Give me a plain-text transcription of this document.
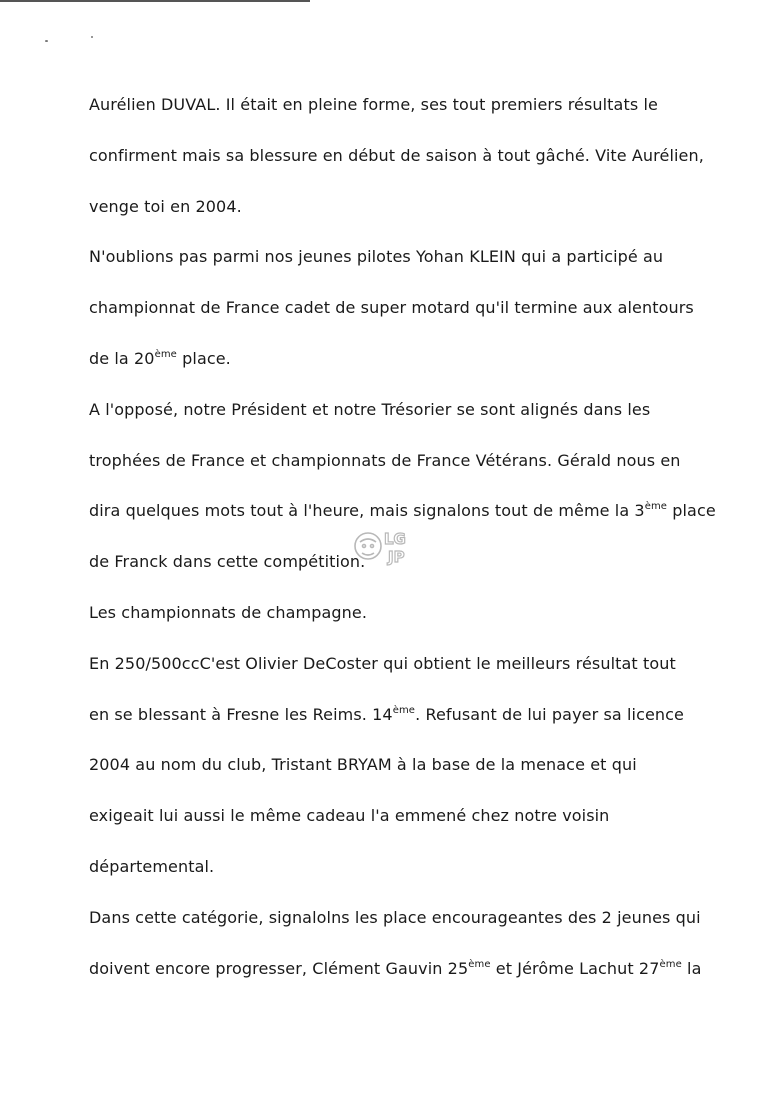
Aurélien DUVAL. Il était en pleine forme, ses tout premiers résultats le
confirment mais sa blessure en début de saison à tout gâché. Vite Aurélien,
venge toi en 2004.
N'oublions pas parmi nos jeunes pilotes Yohan KLEIN qui a participé au
championnat de France cadet de super motard qu'il termine aux alentours
de la 20ème place.
A l'opposé, notre Président et notre Trésorier se sont alignés dans les
trophées de France et championnats de France Vétérans. Gérald nous en
dira quelques mots tout à l'heure, mais signalons tout de même la 3ème place
de Franck dans cette compétition.
Les championnats de champagne.
En 250/500ccC'est Olivier DeCoster qui obtient le meilleurs résultat tout
en se blessant à Fresne les Reims. 14ème. Refusant de lui payer sa licence
2004 au nom du club, Tristant BRYAM à la base de la menace et qui
exigeait lui aussi le même cadeau l'a emmené chez notre voisin
départemental.
Dans cette catégorie, signalolns les place encourageantes des 2 jeunes qui
doivent encore progresser, Clément Gauvin 25ème et Jérôme Lachut 27ème la
LG
JP
